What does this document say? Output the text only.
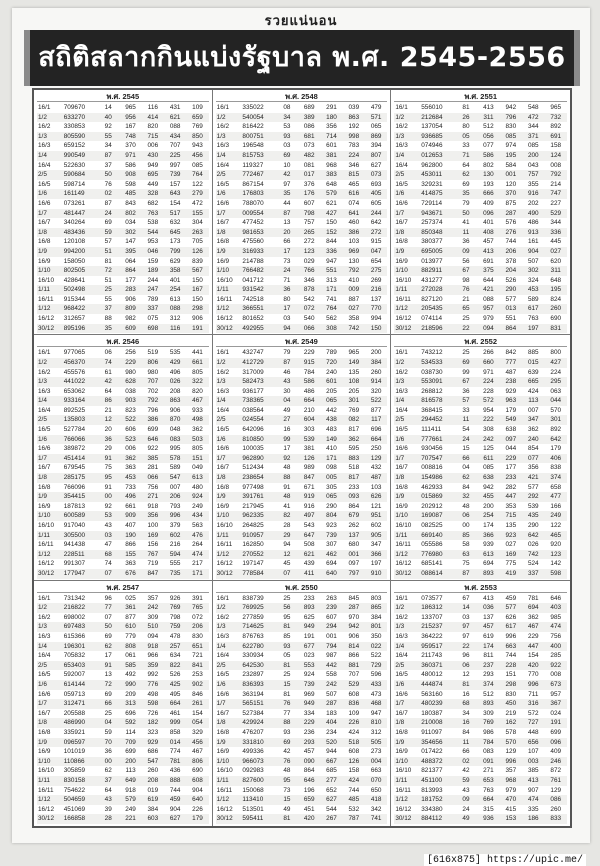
รวยแน่นอน
สถิติสลากกินแบ่งรัฐบาล พ.ศ. 2545-2556
พ.ศ. 2545
16/1	709670	14	965	116	431	109
1/2	633270	40	956	414	621	659
16/2	330853	92	167	820	088	769
1/3	805590	55	748	715	434	850
16/3	659152	34	370	006	707	943
1/4	990549	87	971	430	225	456
16/4	522630	37	586	949	997	085
2/5	590684	50	908	695	739	764
16/5	598714	76	598	449	157	122
1/6	161149	02	485	328	643	279
16/6	073261	87	843	682	154	472
1/7	481447	24	802	763	517	155
16/7	340264	69	034	538	632	304
1/8	483436	59	302	544	645	263
16/8	120108	57	147	953	173	705
1/9	994200	51	395	046	799	126
16/9	158050	81	064	159	629	839
1/10	802505	72	864	189	358	567
16/10	428641	51	177	244	401	150
1/11	502498	25	283	247	254	167
16/11	915344	55	906	789	613	150
1/12	968422	37	809	337	088	298
16/12	312657	88	982	075	312	906
30/12	895196	35	609	698	116	191
พ.ศ. 2548
16/1	335022	08	689	291	039	479
1/2	540054	34	389	180	863	571
16/2	816422	53	086	356	192	065
1/3	800751	93	681	714	998	869
16/3	196548	03	073	601	783	394
1/4	815753	69	482	381	224	807
16/4	119327	10	081	968	346	627
2/5	772467	42	017	383	815	073
16/5	867154	97	376	648	465	693
1/6	176803	35	176	579	616	405
16/6	788070	44	607	621	074	605
1/7	009554	87	798	427	641	244
16/7	477452	13	757	150	460	642
1/8	981653	20	265	152	386	272
16/8	475560	66	272	844	103	915
1/9	316933	17	123	336	969	047
16/9	214788	73	029	947	130	654
1/10	766482	24	766	551	792	275
16/10	041712	71	346	313	410	269
1/11	931542	36	878	171	009	216
16/11	742518	80	542	741	887	137
1/12	366551	17	072	764	027	770
16/12	801652	03	540	562	358	994
30/12	492955	94	066	308	742	150
พ.ศ. 2551
16/1	556010	81	413	942	548	965
1/2	212684	26	311	796	472	732
16/2	137054	80	512	830	344	892
1/3	936685	05	056	085	371	691
16/3	074946	33	077	974	085	158
1/4	012653	71	586	195	200	124
16/4	962800	64	802	584	043	008
2/5	453011	62	130	001	757	792
16/5	329231	69	193	120	355	214
1/6	414875	35	666	370	916	747
16/6	729114	79	409	875	202	227
1/7	943671	50	096	287	490	529
16/7	257374	41	401	576	486	344
1/8	850348	11	408	276	913	336
16/8	380377	36	457	744	161	445
1/9	695005	09	413	206	904	027
16/9	013977	56	691	378	507	620
1/10	882911	67	375	204	302	311
16/10	431277	98	644	526	324	648
1/11	272028	76	421	290	453	195
16/11	827120	21	088	577	589	824
1/12	205435	65	957	013	617	260
16/12	074114	25	979	551	763	690
30/12	218596	22	094	864	197	831
พ.ศ. 2546
16/1	977065	06	256	519	535	441
1/2	456370	74	229	806	429	661
16/2	455576	61	980	980	496	805
1/3	441022	42	628	707	026	322
16/3	653062	64	038	702	208	820
1/4	933164	86	903	792	863	467
16/4	892525	21	823	796	906	933
2/5	135803	12	522	386	870	498
16/5	527784	20	606	699	048	362
1/6	766066	36	523	646	083	503
16/6	389872	29	006	922	995	805
1/7	451414	91	362	385	578	151
16/7	679545	75	363	281	589	049
1/8	285175	95	453	066	547	613
16/8	766096	91	733	756	007	480
1/9	354415	00	496	271	206	924
16/9	187813	92	661	918	793	249
1/10	600589	53	909	356	996	434
16/10	917040	43	407	100	379	563
1/11	305500	03	190	169	602	476
16/11	941438	47	866	156	216	264
1/12	228511	68	155	767	594	474
16/12	991307	74	363	719	555	217
30/12	177947	07	676	847	735	171
พ.ศ. 2549
16/1	432747	79	229	789	965	200
1/2	412729	87	915	720	149	384
16/2	317009	46	784	240	135	260
1/3	582473	43	586	601	108	914
16/3	936177	30	486	205	205	320
1/4	738365	04	664	065	301	522
16/4	038564	49	210	442	769	877
2/5	024554	27	604	438	082	117
16/5	642096	16	303	483	817	696
1/6	810850	99	539	149	362	664
16/6	100035	17	381	410	595	250
1/7	962890	92	126	171	883	129
16/7	512434	48	989	098	518	432
1/8	238654	88	847	005	817	487
16/8	977498	91	671	305	233	103
1/9	391761	48	919	065	093	626
16/9	217945	41	916	290	864	121
1/10	962335	82	497	804	679	951
16/10	264825	28	543	923	262	602
1/11	910957	29	647	739	137	905
16/11	162850	94	508	307	680	347
1/12	270552	12	621	462	001	366
16/12	197147	45	439	694	097	197
30/12	778584	07	411	640	797	910
พ.ศ. 2552
16/1	743212	25	266	842	885	800
1/2	534533	69	660	777	015	427
16/2	038730	99	971	487	639	224
1/3	553091	67	224	238	665	295
16/3	268812	36	228	929	424	063
1/4	816578	57	572	963	113	044
16/4	368415	33	954	179	007	570
2/5	294452	11	222	549	347	301
16/5	111411	54	308	638	362	892
1/6	777661	24	242	097	240	642
16/6	930456	15	125	044	854	179
1/7	707547	66	611	229	077	406
16/7	008816	04	085	177	356	838
1/8	154986	62	638	233	421	374
16/8	462933	84	942	282	577	658
1/9	015869	32	455	447	292	477
16/9	202912	48	200	353	539	166
1/10	169087	06	254	715	435	249
16/10	082525	00	174	135	290	122
1/11	669140	85	366	923	642	465
16/11	055586	58	939	027	026	920
1/12	776980	63	613	169	742	123
16/12	685141	75	694	775	524	142
30/12	088614	87	893	419	337	598
พ.ศ. 2547
16/1	731342	96	025	357	926	391
1/2	216822	77	361	242	769	765
16/2	698002	07	877	309	798	072
1/3	697483	50	610	510	759	206
16/3	615366	69	779	094	478	830
1/4	196301	62	808	918	257	651
16/4	705832	17	061	966	634	721
2/5	653403	91	585	359	822	841
16/5	592007	13	492	992	526	253
1/6	614144	72	990	776	425	902
16/6	059713	69	209	498	495	846
1/7	312471	66	313	598	664	261
16/7	205588	25	696	726	461	154
1/8	486990	04	592	182	999	054
16/8	335921	59	114	323	858	329
1/9	096597	70	709	929	014	456
16/9	101019	36	699	686	774	467
1/10	110866	00	200	547	781	806
16/10	305859	62	113	260	436	690
1/11	830158	37	649	208	888	608
16/11	754622	64	918	019	744	904
1/12	504659	43	579	619	459	640
16/12	451069	39	249	384	904	226
30/12	166858	28	221	603	627	179
พ.ศ. 2550
16/1	838739	25	233	263	845	803
1/2	769925	56	893	239	287	865
16/2	277859	95	625	607	970	384
1/3	714625	81	949	294	942	801
16/3	876763	85	191	001	906	350
1/4	622780	93	677	794	814	022
16/4	330934	05	023	987	866	522
2/5	642530	81	553	442	881	729
16/5	232897	25	924	558	707	596
1/6	836393	15	739	242	529	433
16/6	363194	81	969	507	608	473
1/7	565151	76	949	287	836	468
16/7	527384	77	334	183	109	947
1/8	429924	88	229	404	226	810
16/8	476207	93	236	234	424	312
1/9	331810	69	293	520	518	505
16/9	499336	42	457	944	608	273
1/10	966073	76	090	667	126	004
16/10	092983	48	864	685	158	663
1/11	827600	95	646	277	424	070
16/11	150068	73	196	652	744	650
1/12	113410	15	659	627	485	418
16/12	513501	49	451	544	532	342
30/12	595411	81	420	267	787	741
พ.ศ. 2553
16/1	073577	67	413	459	781	646
1/2	186312	14	036	577	694	403
16/2	133707	03	137	626	362	985
1/3	215237	97	457	617	467	474
16/3	364222	97	619	996	229	756
1/4	959517	22	174	663	447	400
16/4	211743	96	811	744	154	285
2/5	360371	06	237	228	420	922
16/5	480012	12	293	151	770	008
1/6	444874	81	374	298	996	673
16/6	563160	16	512	830	711	957
1/7	480239	68	893	450	316	367
16/7	180387	34	309	219	572	024
1/8	210008	16	769	162	727	191
16/8	911097	84	986	578	448	699
1/9	354656	11	784	570	656	096
16/9	017422	66	083	129	107	409
1/10	488372	02	091	996	003	246
16/10	821377	42	271	357	385	872
1/11	451100	59	653	968	413	761
16/11	813993	43	763	979	907	129
1/12	181752	09	664	470	474	086
16/12	334380	24	315	415	335	260
30/12	884112	49	936	153	186	833
[616x875] https://upic.me/
